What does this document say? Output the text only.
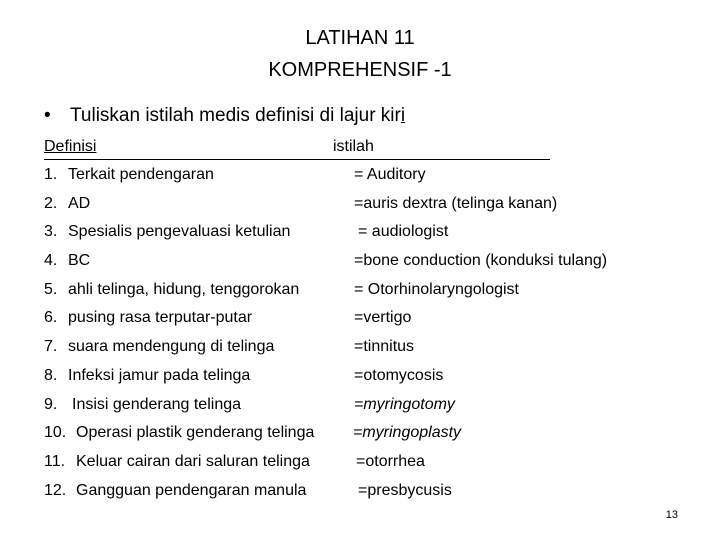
LATIHAN 11
KOMPREHENSIF -1
• Tuliskan istilah medis definisi di lajur kiri
Definisi	istilah
1. Terkait pendengaran	= Auditory
2. AD	=auris dextra (telinga kanan)
3. Spesialis pengevaluasi ketulian	= audiologist
4. BC	=bone conduction (konduksi tulang)
5. ahli telinga, hidung, tenggorokan	= Otorhinolaryngologist
6. pusing rasa terputar-putar	=vertigo
7. suara mendengung di telinga	=tinnitus
8. Infeksi jamur pada telinga	=otomycosis
9. Insisi genderang telinga	=myringotomy
10. Operasi plastik genderang telinga =myringoplasty
11. Keluar cairan dari saluran telinga	=otorrhea
12. Gangguan pendengaran manula	=presbycusis
13
